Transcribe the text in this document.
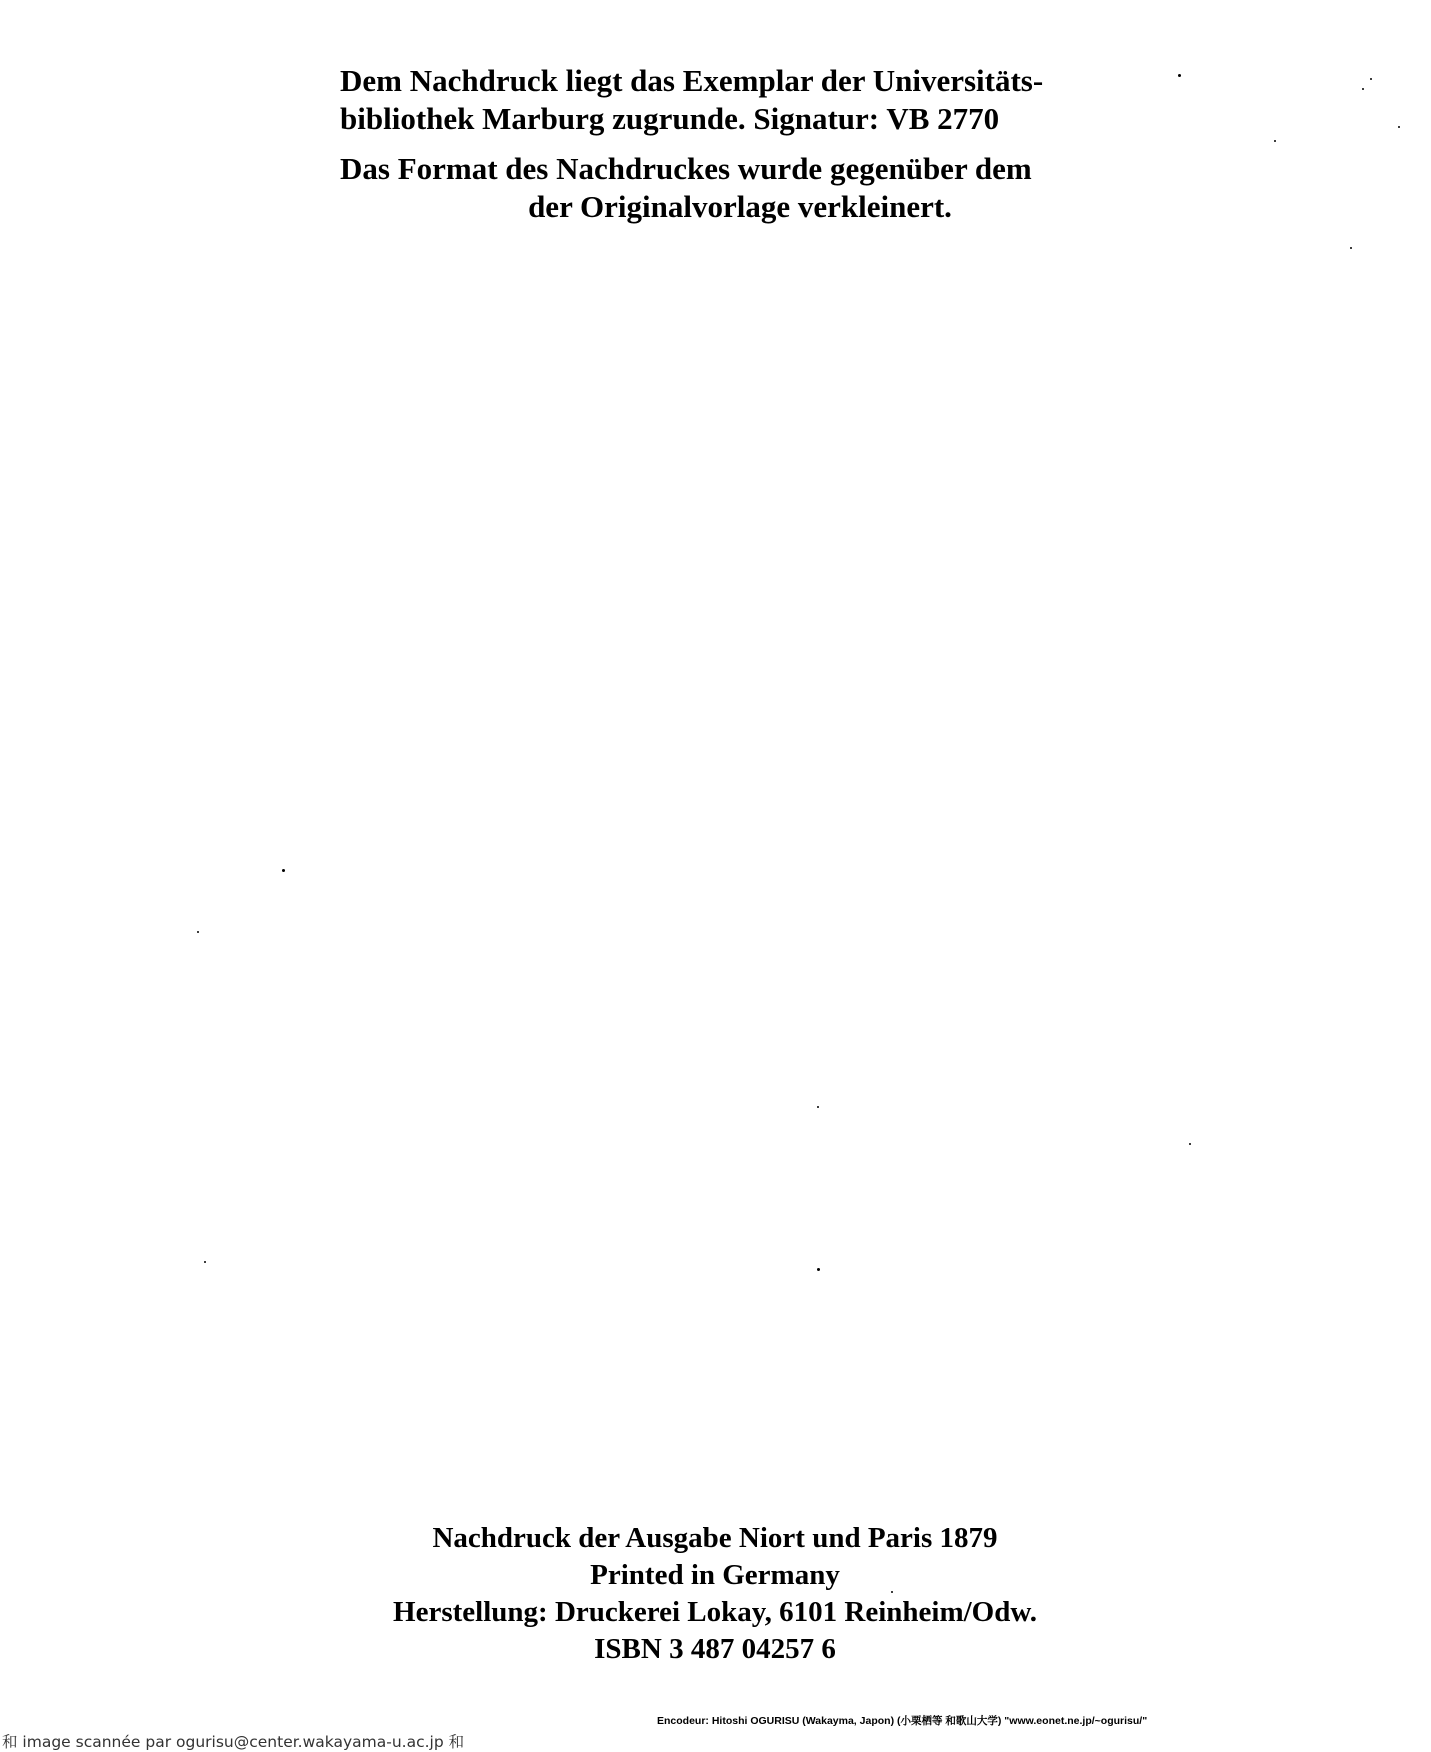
Dem Nachdruck liegt das Exemplar der Universitäts-
bibliothek Marburg zugrunde. Signatur: VB 2770
Das Format des Nachdruckes wurde gegenüber dem
der Originalvorlage verkleinert.
Nachdruck der Ausgabe Niort und Paris 1879
Printed in Germany
Herstellung: Druckerei Lokay, 6101 Reinheim/Odw.
ISBN 3 487 04257 6
Encodeur: Hitoshi OGURISU (Wakayma, Japon) (小栗栖等 和歌山大学) "www.eonet.ne.jp/~ogurisu/"
和 image scannée par ogurisu@center.wakayama-u.ac.jp 和
